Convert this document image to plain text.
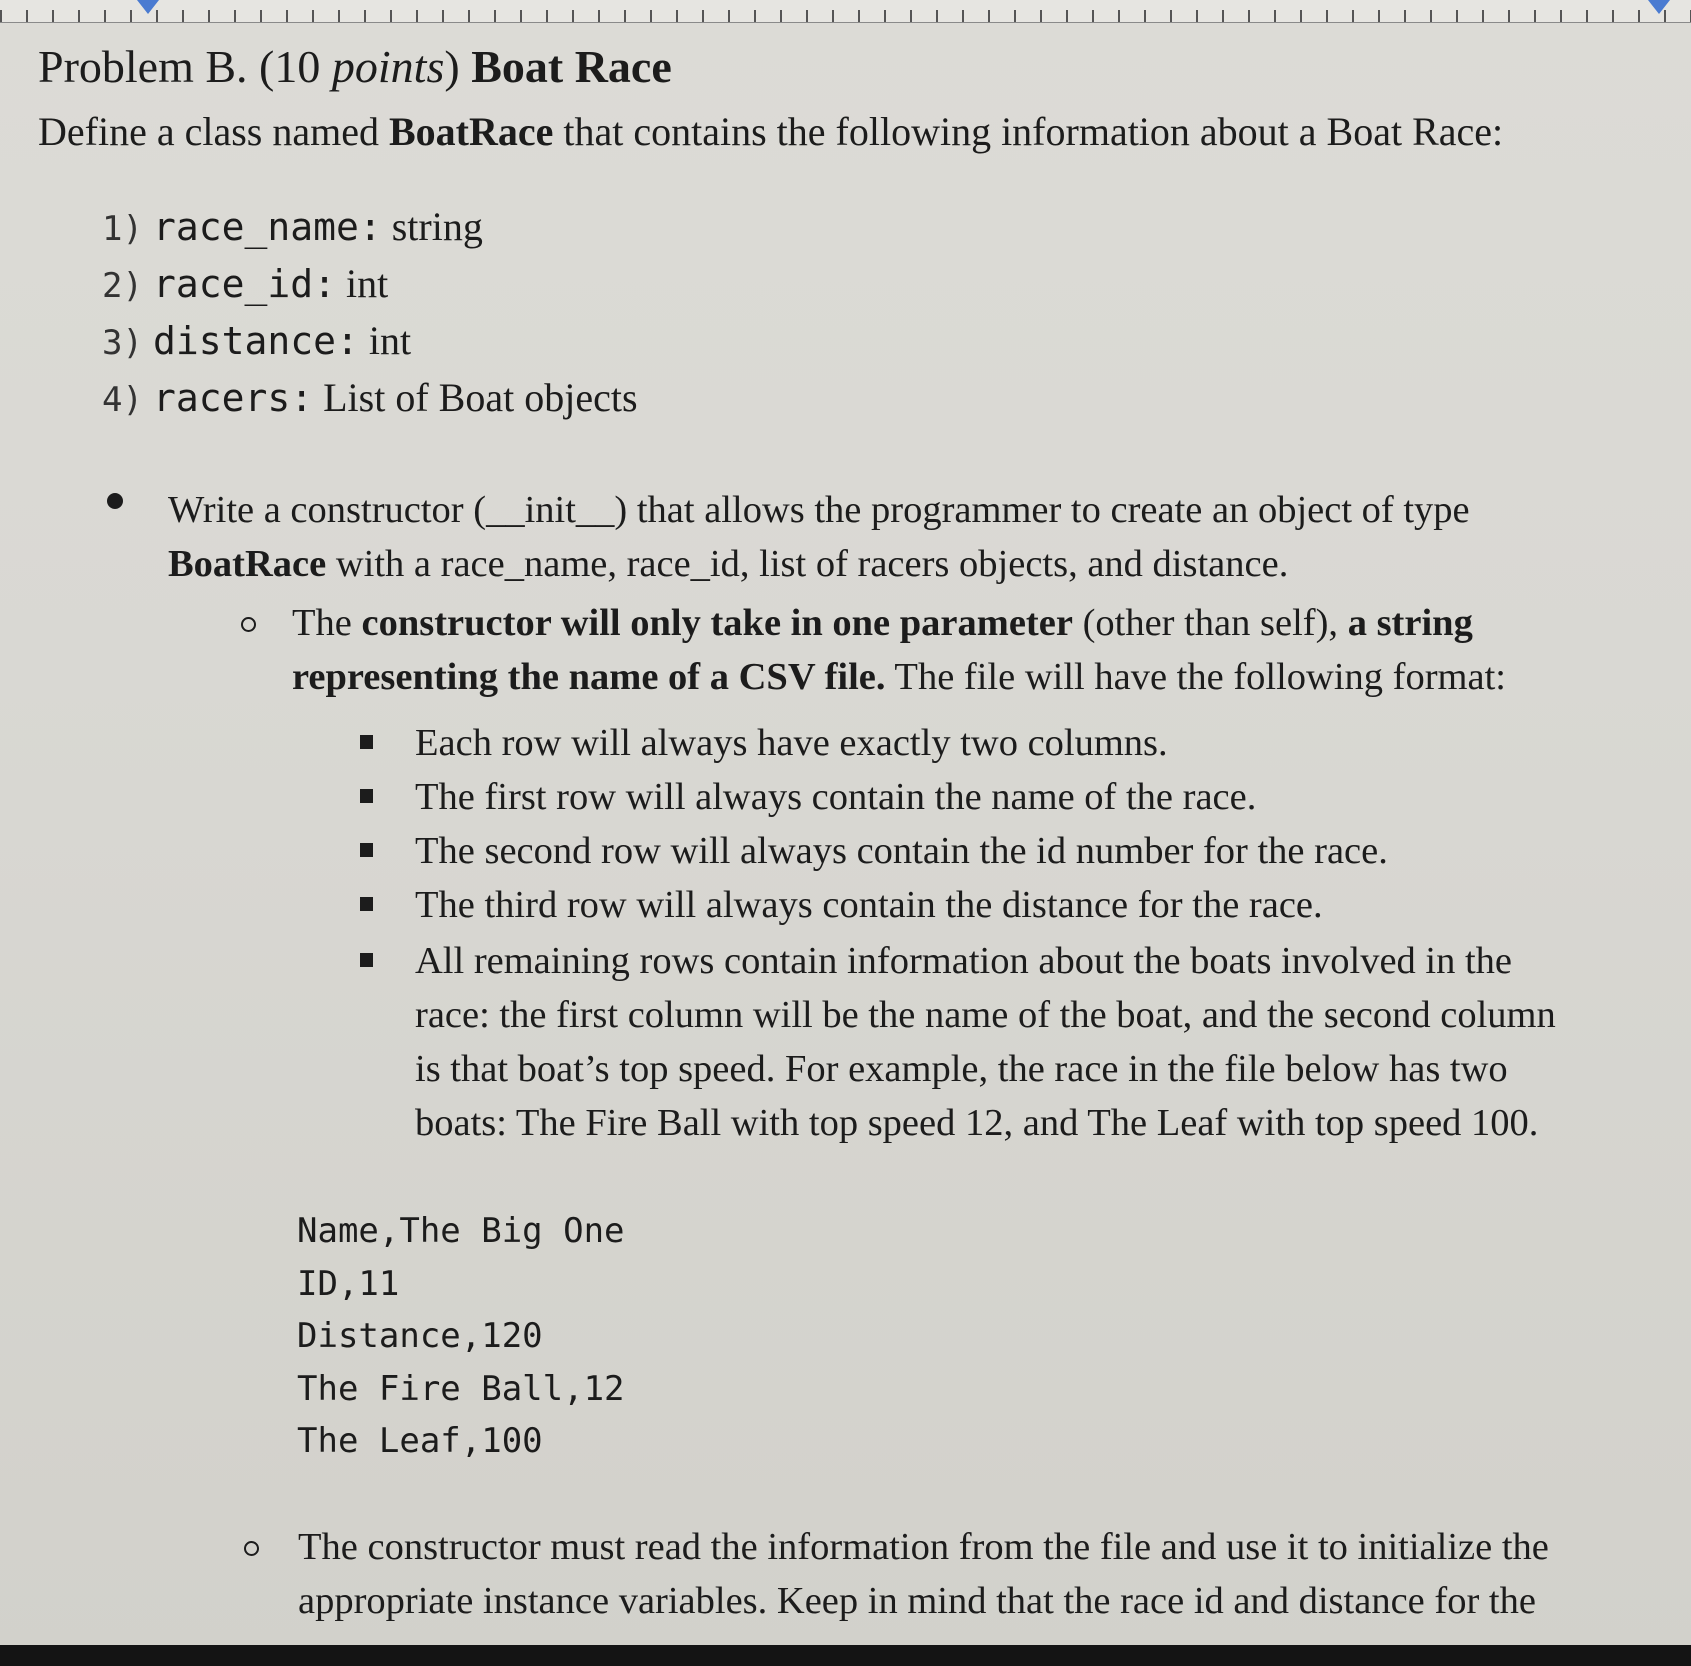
Problem B. (10 points) Boat Race
Define a class named BoatRace that contains the following information about a Boat Race:
1) race_name: string
2) race_id: int
3) distance: int
4) racers: List of Boat objects
Write a constructor (__init__) that allows the programmer to create an object of type
BoatRace with a race_name, race_id, list of racers objects, and distance.
The constructor will only take in one parameter (other than self), a string
representing the name of a CSV file. The file will have the following format:
Each row will always have exactly two columns.
The first row will always contain the name of the race.
The second row will always contain the id number for the race.
The third row will always contain the distance for the race.
All remaining rows contain information about the boats involved in the
race: the first column will be the name of the boat, and the second column
is that boat’s top speed. For example, the race in the file below has two
boats: The Fire Ball with top speed 12, and The Leaf with top speed 100.
Name,The Big One
ID,11
Distance,120
The Fire Ball,12
The Leaf,100
The constructor must read the information from the file and use it to initialize the
appropriate instance variables. Keep in mind that the race id and distance for the
